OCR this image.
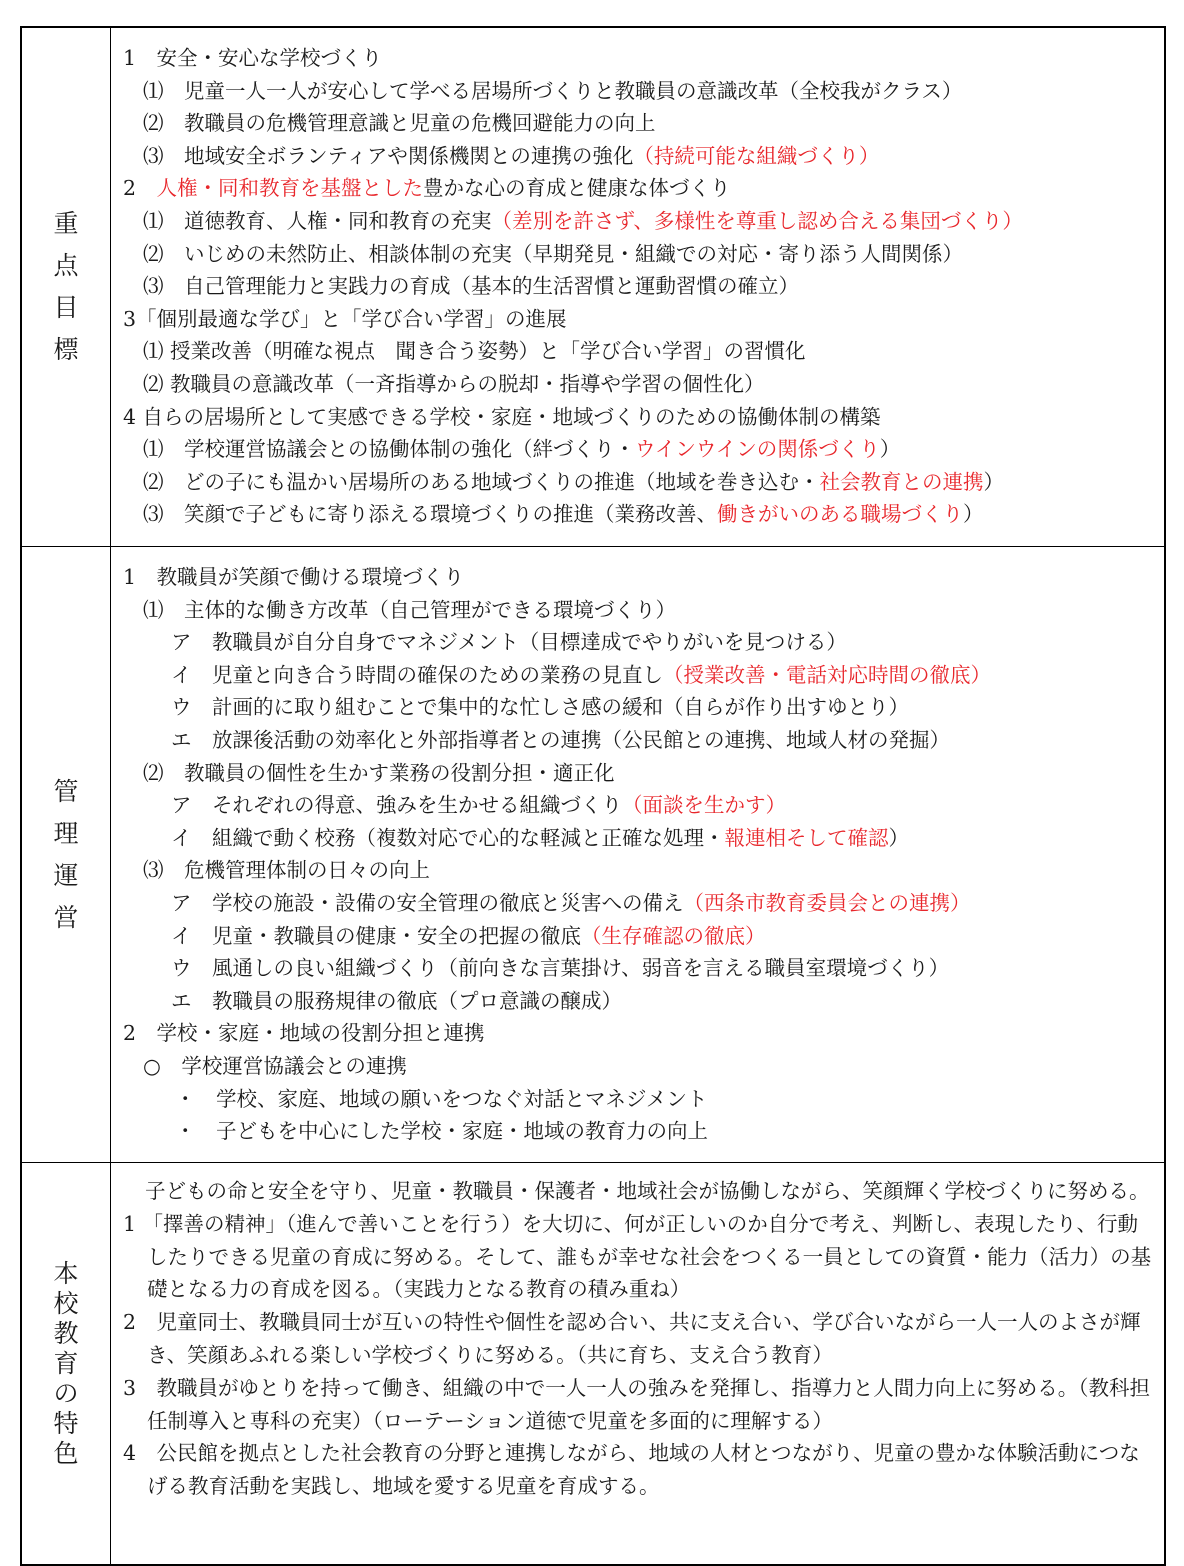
重
点
目
標
1　安全・安心な学校づくり
⑴　児童一人一人が安心して学べる居場所づくりと教職員の意識改革（全校我がクラス）
⑵　教職員の危機管理意識と児童の危機回避能力の向上
⑶　地域安全ボランティアや関係機関との連携の強化（持続可能な組織づくり）
2　人権・同和教育を基盤とした豊かな心の育成と健康な体づくり
⑴　道徳教育、人権・同和教育の充実（差別を許さず、多様性を尊重し認め合える集団づくり）
⑵　いじめの未然防止、相談体制の充実（早期発見・組織での対応・寄り添う人間関係）
⑶　自己管理能力と実践力の育成（基本的生活習慣と運動習慣の確立）
3「個別最適な学び」と「学び合い学習」の進展
⑴ 授業改善（明確な視点　聞き合う姿勢）と「学び合い学習」の習慣化
⑵ 教職員の意識改革（一斉指導からの脱却・指導や学習の個性化）
4 自らの居場所として実感できる学校・家庭・地域づくりのための協働体制の構築
⑴　学校運営協議会との協働体制の強化（絆づくり・ウインウインの関係づくり）
⑵　どの子にも温かい居場所のある地域づくりの推進（地域を巻き込む・社会教育との連携）
⑶　笑顔で子どもに寄り添える環境づくりの推進（業務改善、働きがいのある職場づくり）
管
理
運
営
1　教職員が笑顔で働ける環境づくり
⑴　主体的な働き方改革（自己管理ができる環境づくり）
ア　教職員が自分自身でマネジメント（目標達成でやりがいを見つける）
イ　児童と向き合う時間の確保のための業務の見直し（授業改善・電話対応時間の徹底）
ウ　計画的に取り組むことで集中的な忙しさ感の緩和（自らが作り出すゆとり）
エ　放課後活動の効率化と外部指導者との連携（公民館との連携、地域人材の発掘）
⑵　教職員の個性を生かす業務の役割分担・適正化
ア　それぞれの得意、強みを生かせる組織づくり（面談を生かす）
イ　組織で動く校務（複数対応で心的な軽減と正確な処理・報連相そして確認）
⑶　危機管理体制の日々の向上
ア　学校の施設・設備の安全管理の徹底と災害への備え（西条市教育委員会との連携）
イ　児童・教職員の健康・安全の把握の徹底（生存確認の徹底）
ウ　風通しの良い組織づくり（前向きな言葉掛け、弱音を言える職員室環境づくり）
エ　教職員の服務規律の徹底（プロ意識の醸成）
2　学校・家庭・地域の役割分担と連携
○　学校運営協議会との連携
・　学校、家庭、地域の願いをつなぐ対話とマネジメント
・　子どもを中心にした学校・家庭・地域の教育力の向上
本
校
教
育
の
特
色
子どもの命と安全を守り、児童・教職員・保護者・地域社会が協働しながら、笑顔輝く学校づくりに努める。
1 「擇善の精神」（進んで善いことを行う）を大切に、何が正しいのか自分で考え、判断し、表現したり、行動したりできる児童の育成に努める。そして、誰もが幸せな社会をつくる一員としての資質・能力（活力）の基礎となる力の育成を図る。（実践力となる教育の積み重ね）
2　児童同士、教職員同士が互いの特性や個性を認め合い、共に支え合い、学び合いながら一人一人のよさが輝き、笑顔あふれる楽しい学校づくりに努める。（共に育ち、支え合う教育）
3　教職員がゆとりを持って働き、組織の中で一人一人の強みを発揮し、指導力と人間力向上に努める。（教科担任制導入と専科の充実）（ローテーション道徳で児童を多面的に理解する）
4　公民館を拠点とした社会教育の分野と連携しながら、地域の人材とつながり、児童の豊かな体験活動につなげる教育活動を実践し、地域を愛する児童を育成する。
